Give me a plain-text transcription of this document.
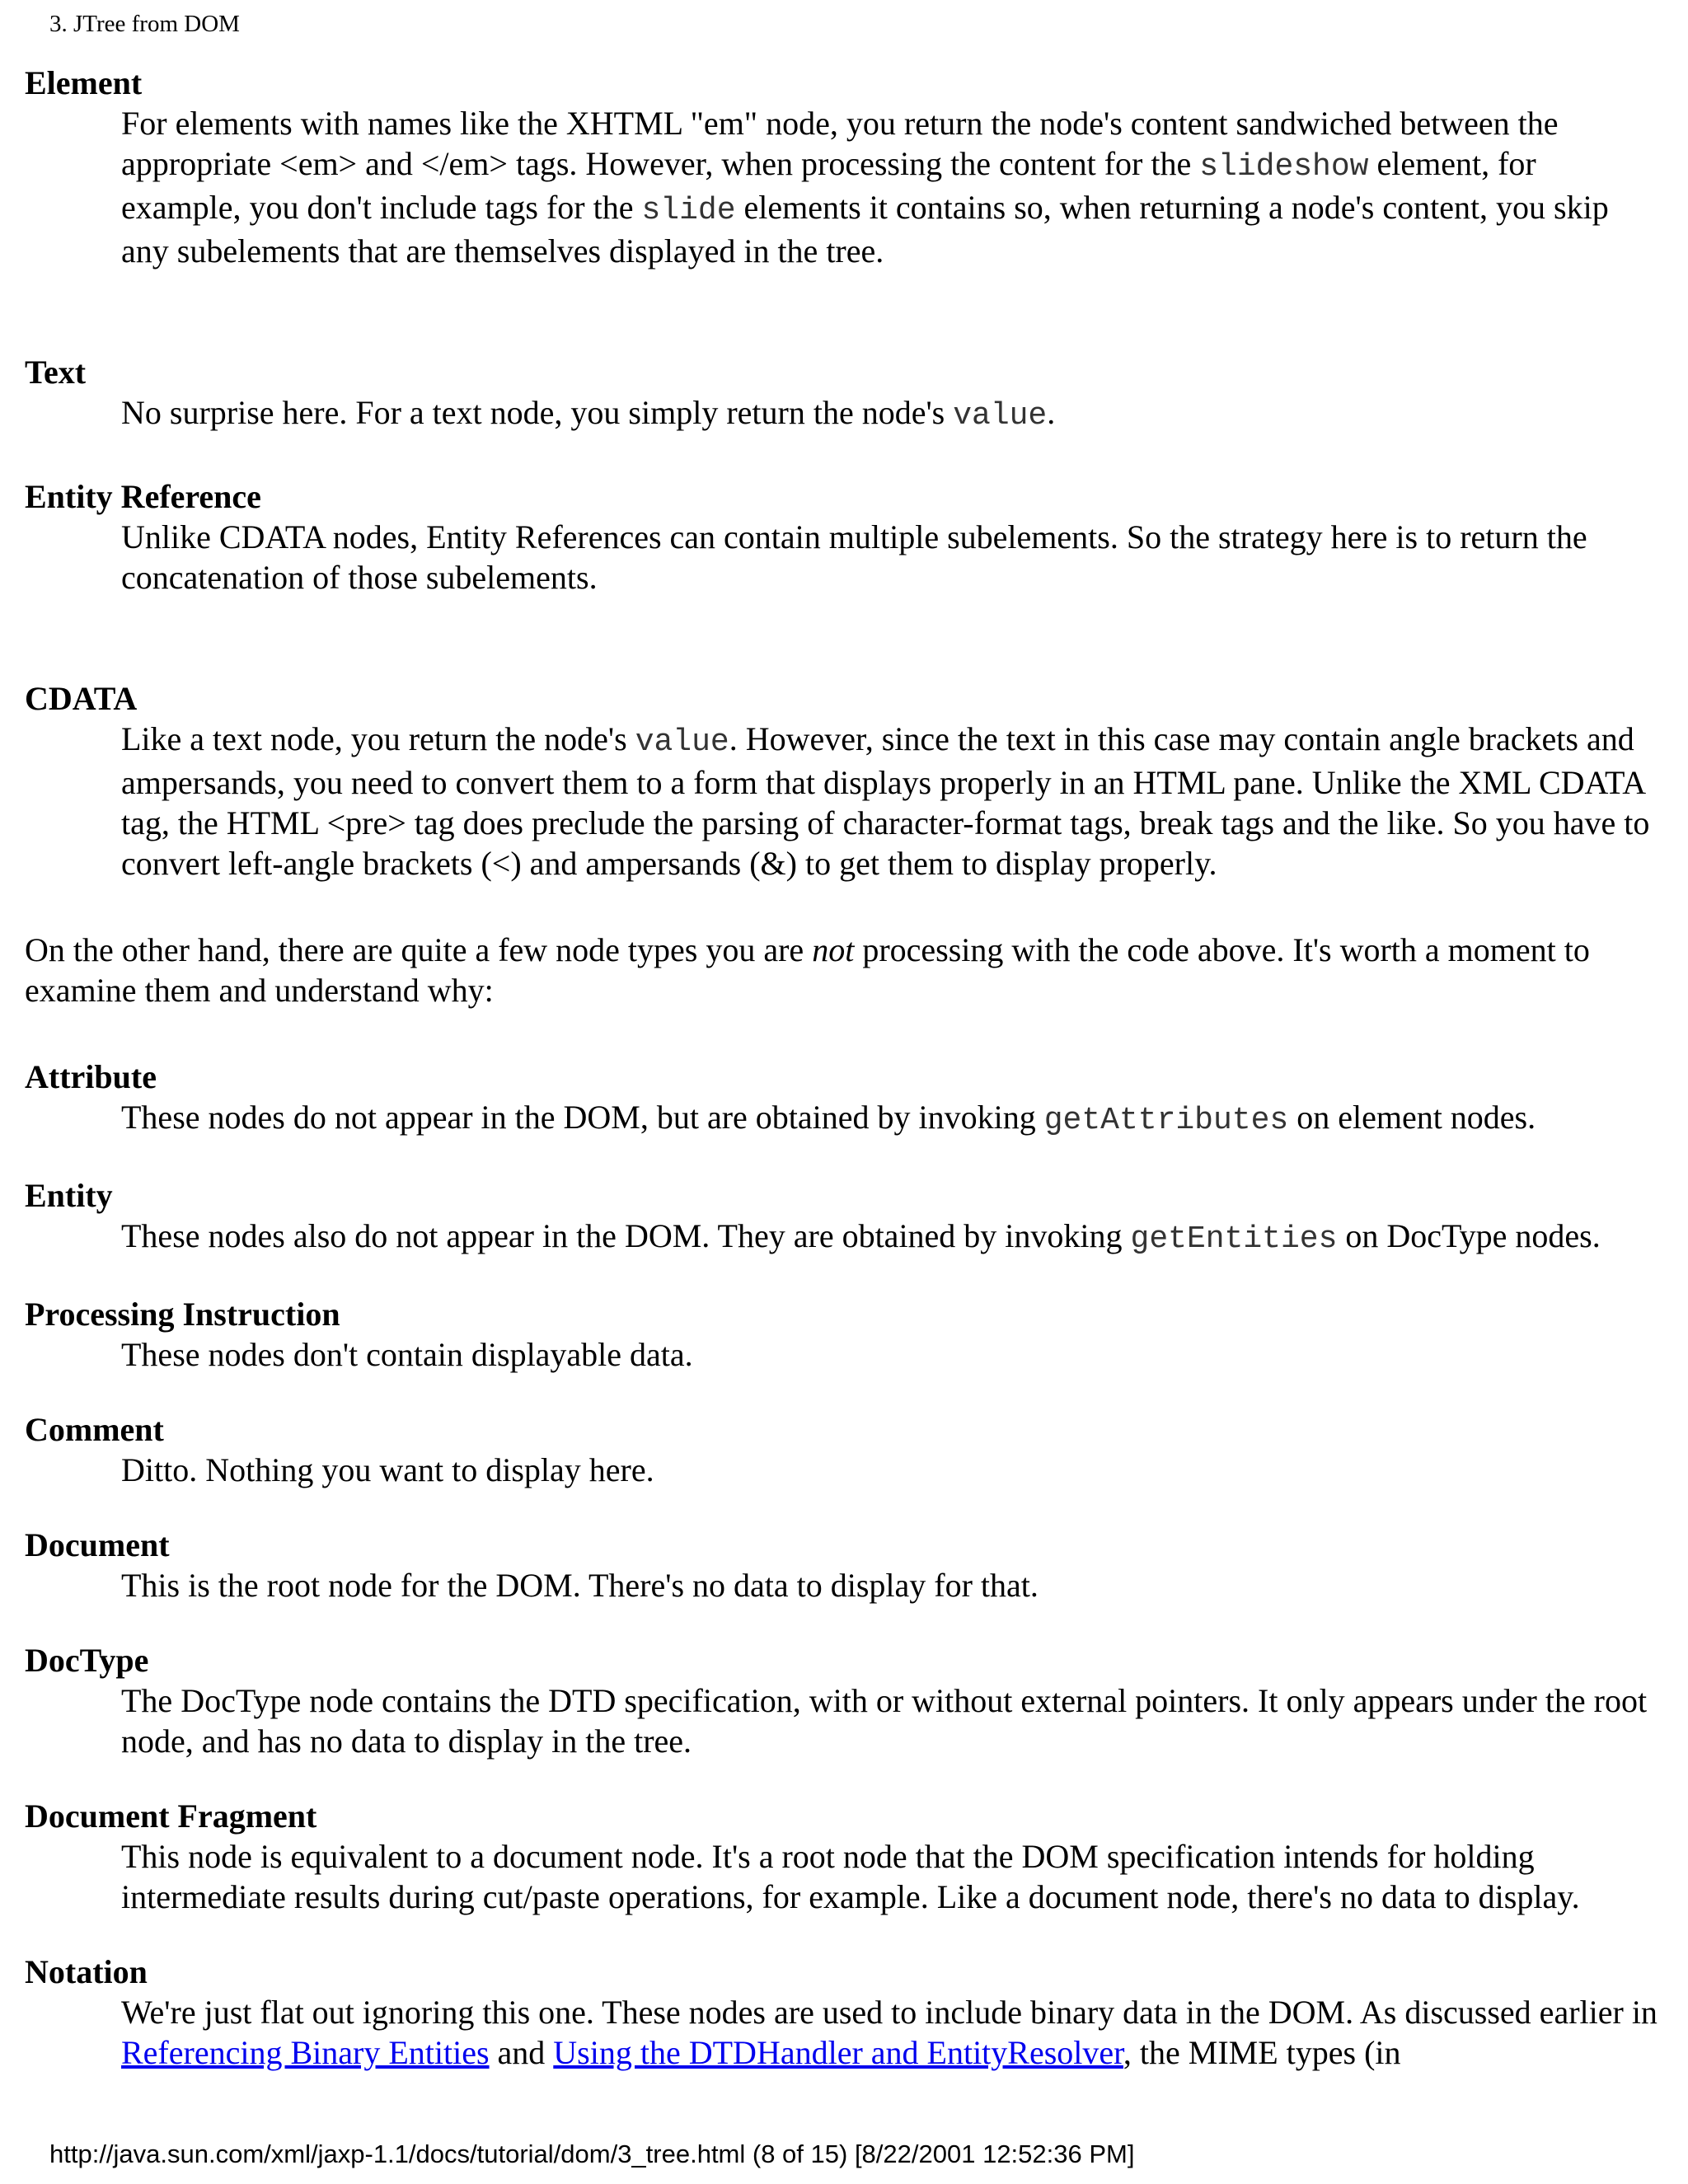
3. JTree from DOM
Element
For elements with names like the XHTML "em" node, you return the node's content sandwiched between the appropriate <em> and </em> tags. However, when processing the content for the slideshow element, for example, you don't include tags for the slide elements it contains so, when returning a node's content, you skip any subelements that are themselves displayed in the tree.
Text
No surprise here. For a text node, you simply return the node's value.
Entity Reference
Unlike CDATA nodes, Entity References can contain multiple subelements. So the strategy here is to return the concatenation of those subelements.
CDATA
Like a text node, you return the node's value. However, since the text in this case may contain angle brackets and ampersands, you need to convert them to a form that displays properly in an HTML pane. Unlike the XML CDATA tag, the HTML <pre> tag does preclude the parsing of character-format tags, break tags and the like. So you have to convert left-angle brackets (<) and ampersands (&) to get them to display properly.

On the other hand, there are quite a few node types you are not processing with the code above. It's worth a moment to examine them and understand why:

Attribute
These nodes do not appear in the DOM, but are obtained by invoking getAttributes on element nodes.
Entity
These nodes also do not appear in the DOM. They are obtained by invoking getEntities on DocType nodes.
Processing Instruction
These nodes don't contain displayable data.
Comment
Ditto. Nothing you want to display here.
Document
This is the root node for the DOM. There's no data to display for that.
DocType
The DocType node contains the DTD specification, with or without external pointers. It only appears under the root node, and has no data to display in the tree.
Document Fragment
This node is equivalent to a document node. It's a root node that the DOM specification intends for holding intermediate results during cut/paste operations, for example. Like a document node, there's no data to display.
Notation
We're just flat out ignoring this one. These nodes are used to include binary data in the DOM. As discussed earlier in Referencing Binary Entities and Using the DTDHandler and EntityResolver, the MIME types (in
http://java.sun.com/xml/jaxp-1.1/docs/tutorial/dom/3_tree.html (8 of 15) [8/22/2001 12:52:36 PM]
